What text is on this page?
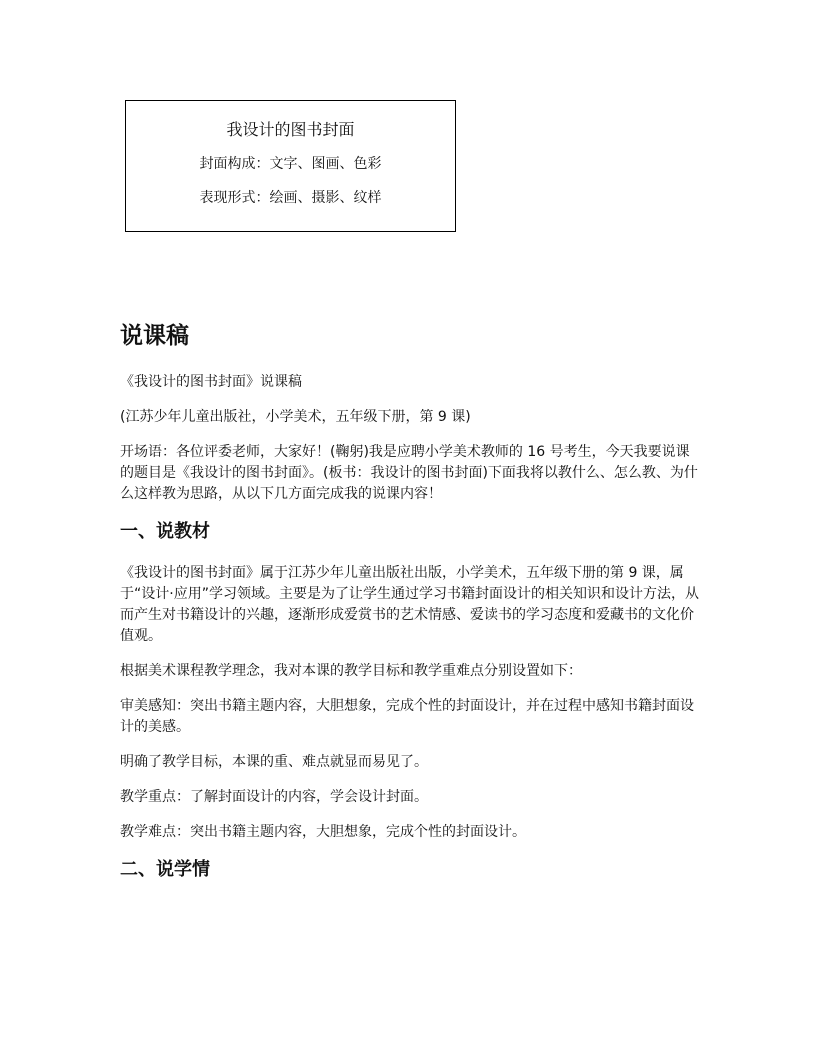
我设计的图书封面
封面构成：文字、图画、色彩
表现形式：绘画、摄影、纹样
说课稿

《我设计的图书封面》说课稿

(江苏少年儿童出版社，小学美术，五年级下册，第 9 课)

开场语：各位评委老师，大家好！(鞠躬)我是应聘小学美术教师的 16 号考生，今天我要说课的题目是《我设计的图书封面》。(板书：我设计的图书封面)下面我将以教什么、怎么教、为什么这样教为思路，从以下几方面完成我的说课内容！

一、说教材

《我设计的图书封面》属于江苏少年儿童出版社出版，小学美术，五年级下册的第 9 课，属于“设计·应用”学习领域。主要是为了让学生通过学习书籍封面设计的相关知识和设计方法，从而产生对书籍设计的兴趣，逐渐形成爱赏书的艺术情感、爱读书的学习态度和爱藏书的文化价值观。

根据美术课程教学理念，我对本课的教学目标和教学重难点分别设置如下：

审美感知：突出书籍主题内容，大胆想象，完成个性的封面设计，并在过程中感知书籍封面设计的美感。

明确了教学目标，本课的重、难点就显而易见了。

教学重点：了解封面设计的内容，学会设计封面。

教学难点：突出书籍主题内容，大胆想象，完成个性的封面设计。

二、说学情
